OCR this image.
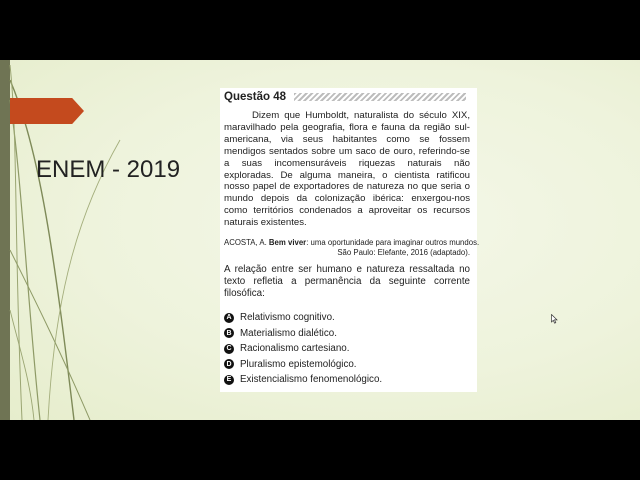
ENEM - 2019
Questão 48

Dizem que Humboldt, naturalista do século XIX, maravilhado pela geografia, flora e fauna da região sul-americana, via seus habitantes como se fossem mendigos sentados sobre um saco de ouro, referindo-se a suas incomensuráveis riquezas naturais não exploradas. De alguma maneira, o cientista ratificou nosso papel de exportadores de natureza no que seria o mundo depois da colonização ibérica: enxergou-nos como territórios condenados a aproveitar os recursos naturais existentes.

ACOSTA, A. Bem viver: uma oportunidade para imaginar outros mundos.
São Paulo: Elefante, 2016 (adaptado).

A relação entre ser humano e natureza ressaltada no texto refletia a permanência da seguinte corrente filosófica:

A Relativismo cognitivo.
B Materialismo dialético.
C Racionalismo cartesiano.
D Pluralismo epistemológico.
E Existencialismo fenomenológico.
